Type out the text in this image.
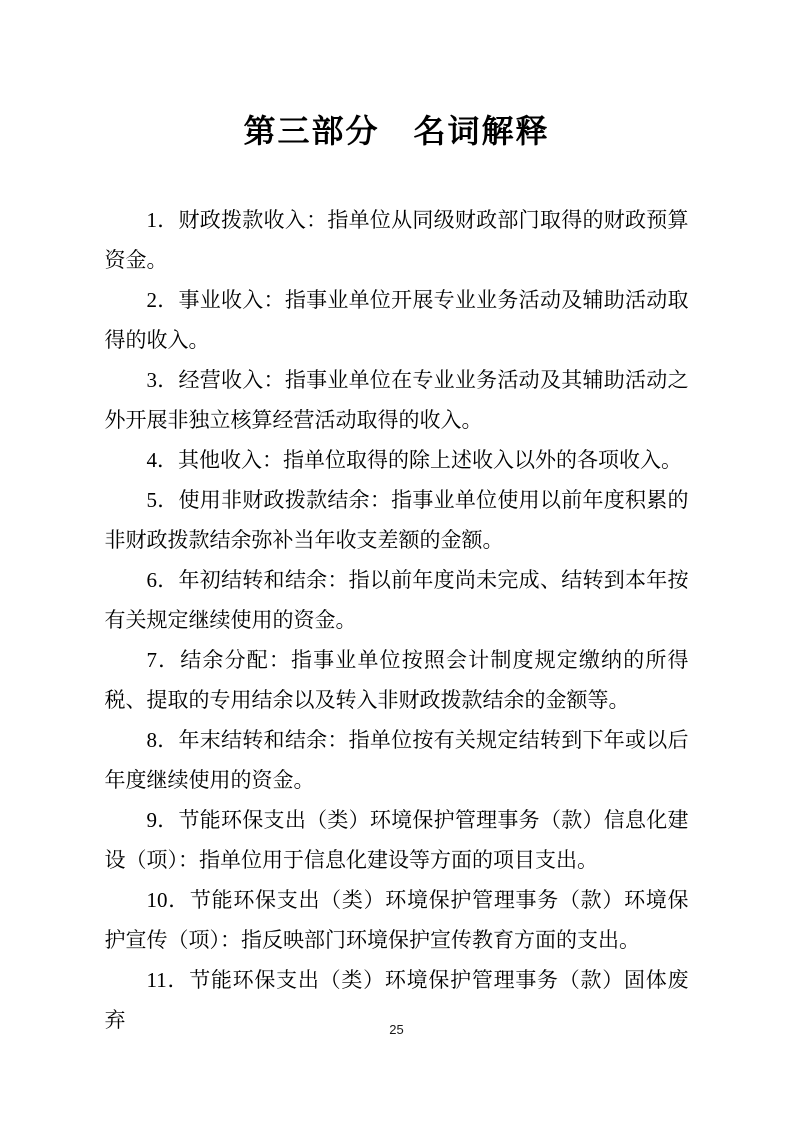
第三部分　名词解释

1．财政拨款收入：指单位从同级财政部门取得的财政预算资金。

2．事业收入：指事业单位开展专业业务活动及辅助活动取得的收入。

3．经营收入：指事业单位在专业业务活动及其辅助活动之外开展非独立核算经营活动取得的收入。

4．其他收入：指单位取得的除上述收入以外的各项收入。

5．使用非财政拨款结余：指事业单位使用以前年度积累的非财政拨款结余弥补当年收支差额的金额。

6．年初结转和结余：指以前年度尚未完成、结转到本年按有关规定继续使用的资金。

7．结余分配：指事业单位按照会计制度规定缴纳的所得税、提取的专用结余以及转入非财政拨款结余的金额等。

8．年末结转和结余：指单位按有关规定结转到下年或以后年度继续使用的资金。

9．节能环保支出（类）环境保护管理事务（款）信息化建设（项）：指单位用于信息化建设等方面的项目支出。

10．节能环保支出（类）环境保护管理事务（款）环境保护宣传（项）：指反映部门环境保护宣传教育方面的支出。

11．节能环保支出（类）环境保护管理事务（款）固体废弃	25
